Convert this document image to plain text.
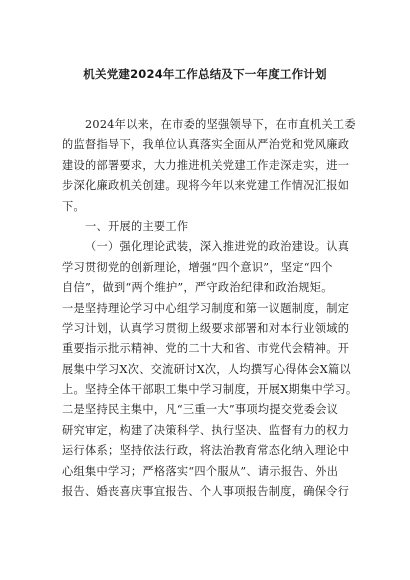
机关党建2024年工作总结及下一年度工作计划
2024年以来，在市委的坚强领导下，在市直机关工委
的监督指导下，我单位认真落实全面从严治党和党风廉政
建设的部署要求，大力推进机关党建工作走深走实，进一
步深化廉政机关创建。现将今年以来党建工作情况汇报如
下。
一、开展的主要工作
（一）强化理论武装，深入推进党的政治建设。认真
学习贯彻党的创新理论，增强“四个意识”，坚定“四个
自信”，做到“两个维护”，严守政治纪律和政治规矩。
一是坚持理论学习中心组学习制度和第一议题制度，制定
学习计划，认真学习贯彻上级要求部署和对本行业领域的
重要指示批示精神、党的二十大和省、市党代会精神。开
展集中学习X次、交流研讨X次，人均撰写心得体会X篇以
上。坚持全体干部职工集中学习制度，开展X期集中学习。
二是坚持民主集中，凡“三重一大”事项均提交党委会议
研究审定，构建了决策科学、执行坚决、监督有力的权力
运行体系；坚持依法行政，将法治教育常态化纳入理论中
心组集中学习；严格落实“四个服从”、请示报告、外出
报告、婚丧喜庆事宜报告、个人事项报告制度，确保令行
